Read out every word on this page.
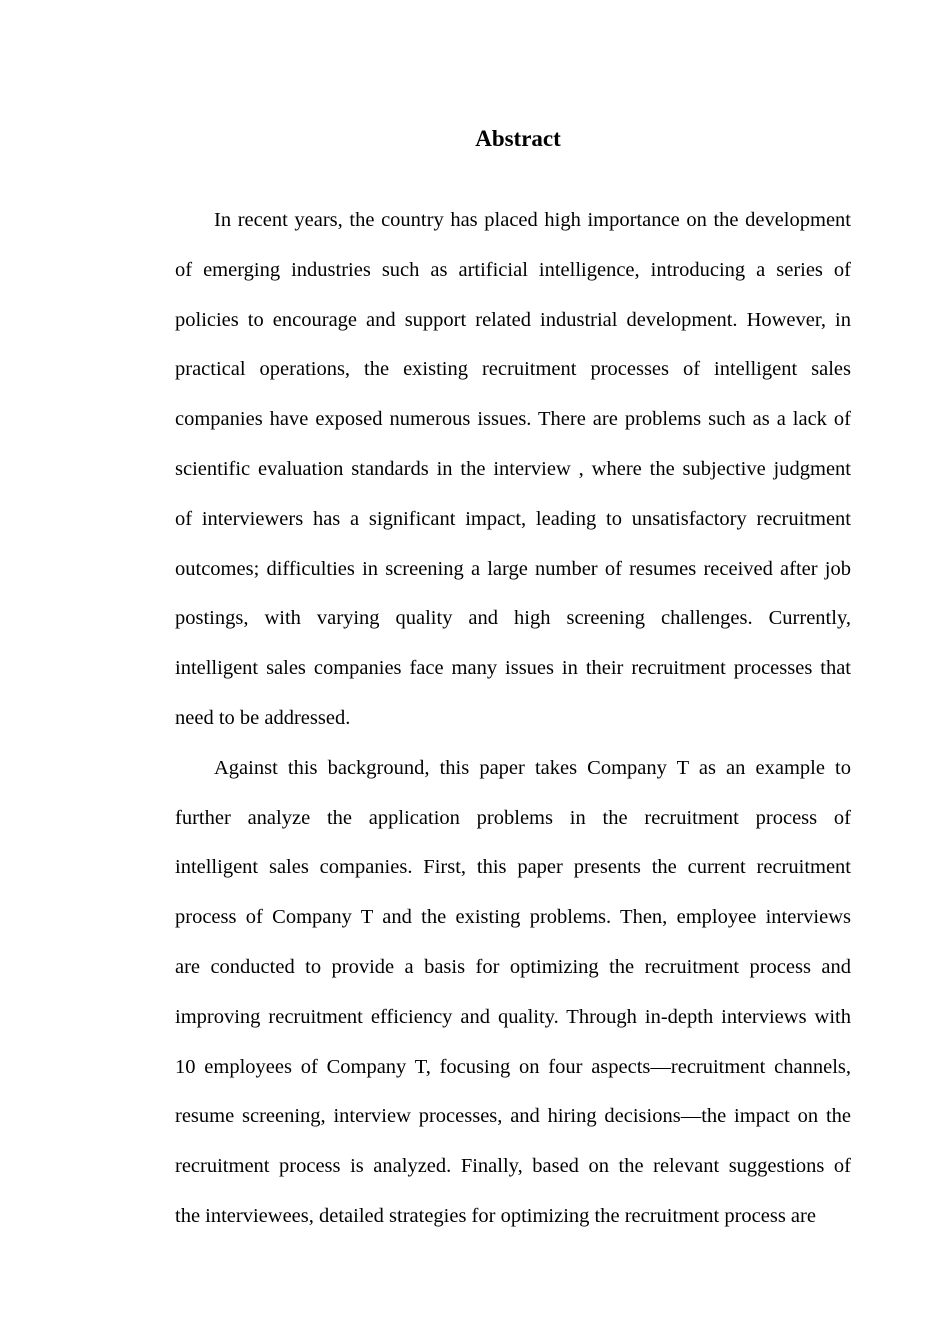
Abstract
In recent years, the country has placed high importance on the development
of emerging industries such as artificial intelligence, introducing a series of
policies to encourage and support related industrial development. However, in
practical operations, the existing recruitment processes of intelligent sales
companies have exposed numerous issues. There are problems such as a lack of
scientific evaluation standards in the interview , where the subjective judgment
of interviewers has a significant impact, leading to unsatisfactory recruitment
outcomes; difficulties in screening a large number of resumes received after job
postings, with varying quality and high screening challenges. Currently,
intelligent sales companies face many issues in their recruitment processes that
need to be addressed.
Against this background, this paper takes Company T as an example to
further analyze the application problems in the recruitment process of
intelligent sales companies. First, this paper presents the current recruitment
process of Company T and the existing problems. Then, employee interviews
are conducted to provide a basis for optimizing the recruitment process and
improving recruitment efficiency and quality. Through in-depth interviews with
10 employees of Company T, focusing on four aspects—recruitment channels,
resume screening, interview processes, and hiring decisions—the impact on the
recruitment process is analyzed. Finally, based on the relevant suggestions of
the interviewees, detailed strategies for optimizing the recruitment process are
